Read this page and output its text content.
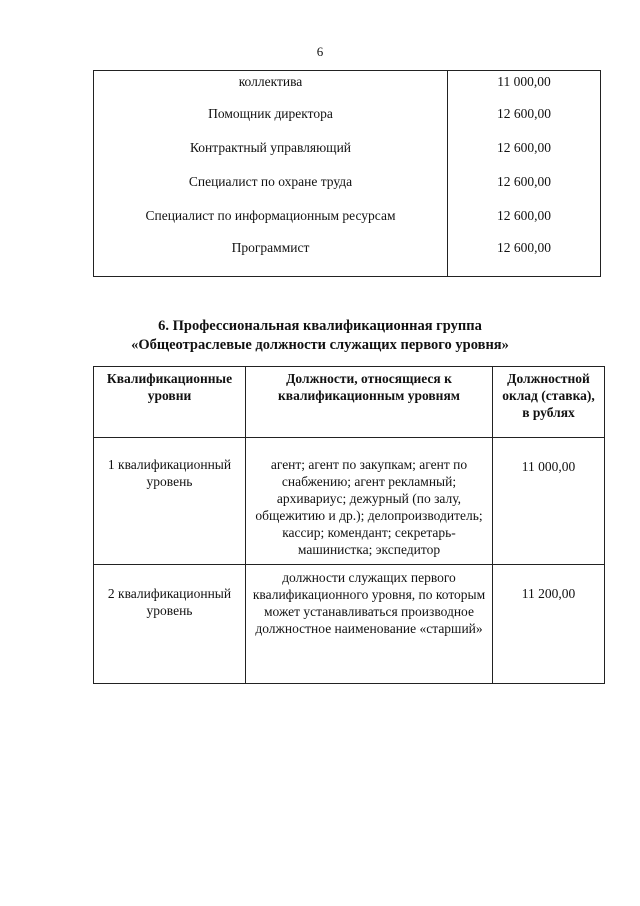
6
коллектива	11 000,00
Помощник директора	12 600,00
Контрактный управляющий	12 600,00
Специалист по охране труда	12 600,00
Специалист по информационным ресурсам	12 600,00
Программист	12 600,00
6. Профессиональная квалификационная группа
«Общеотраслевые должности служащих первого уровня»
Квалификационные уровни	Должности, относящиеся к квалификационным уровням	Должностной оклад (ставка), в рублях
1 квалификационный уровень	агент; агент по закупкам; агент по снабжению; агент рекламный; архивариус; дежурный (по залу, общежитию и др.); делопроизводитель; кассир; комендант; секретарь-машинистка; экспедитор	11 000,00
2 квалификационный уровень	должности служащих первого квалификационного уровня, по которым может устанавливаться производное должностное наименование «старший»	11 200,00
